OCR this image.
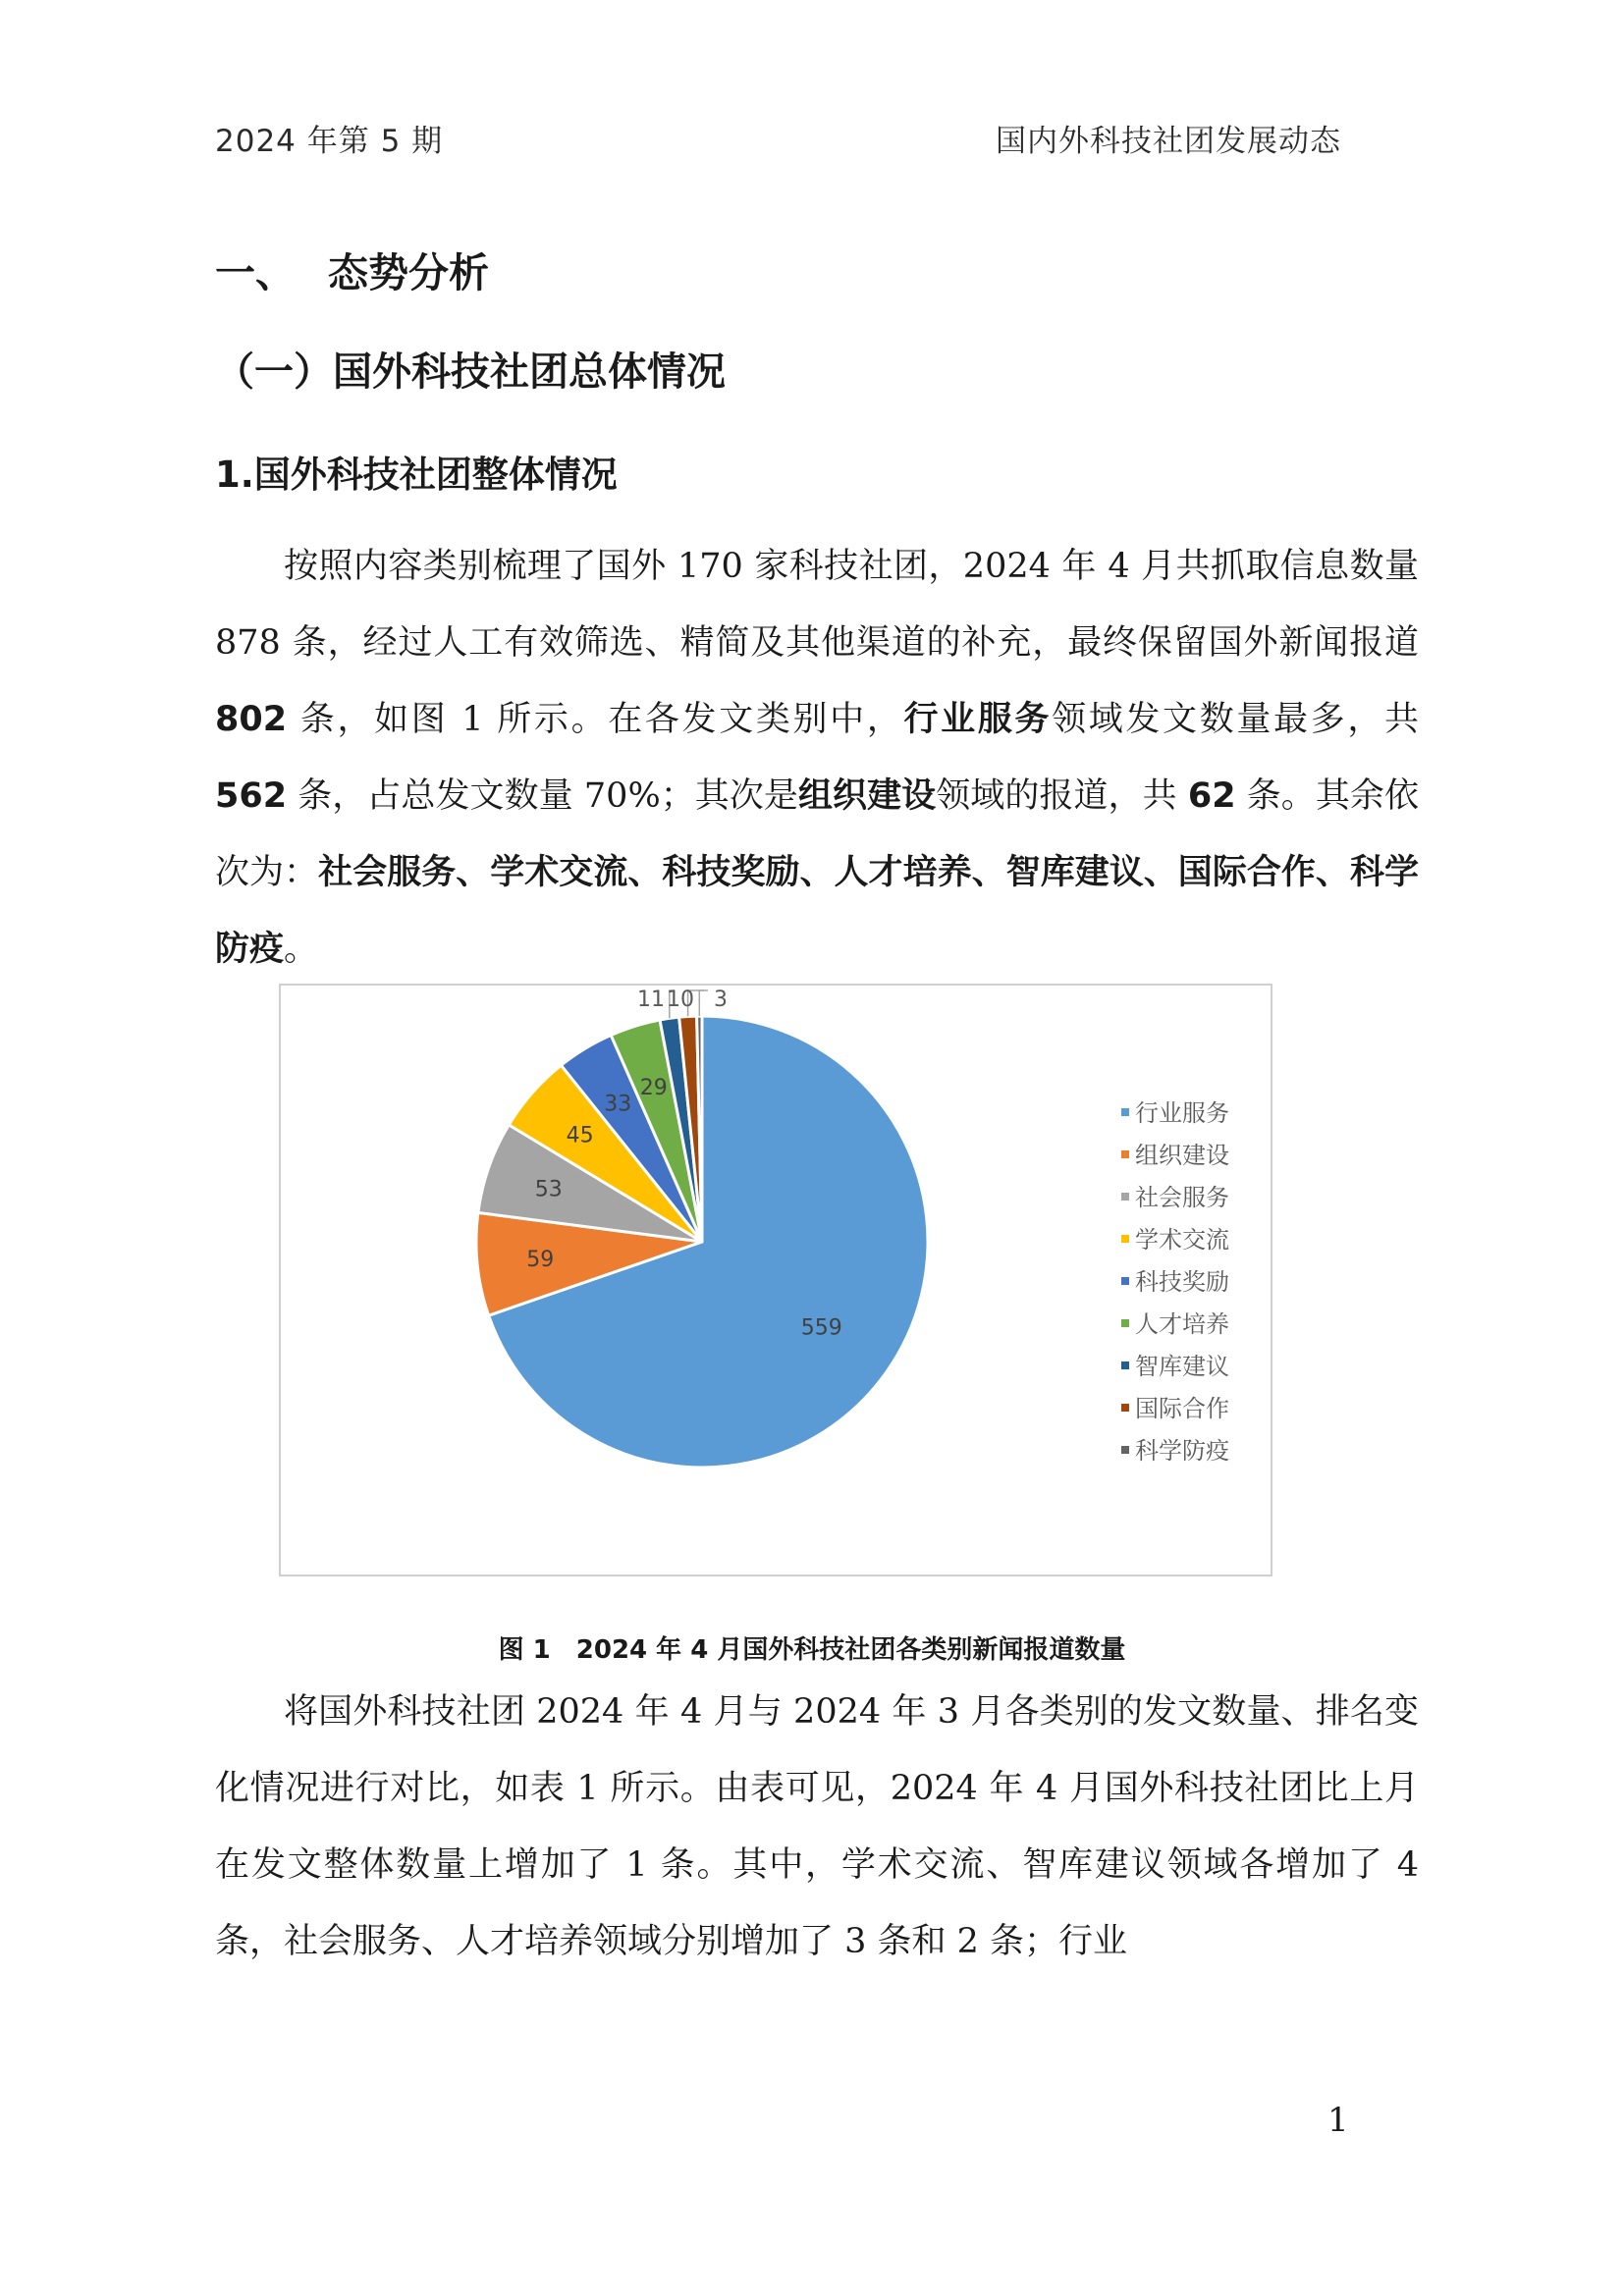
2024 年第 5 期	国内外科技社团发展动态
一、 态势分析
（一）国外科技社团总体情况
1.国外科技社团整体情况

按照内容类别梳理了国外 170 家科技社团，2024 年 4 月共抓取信息数量 878 条，经过人工有效筛选、精简及其他渠道的补充，最终保留国外新闻报道 802 条，如图 1 所示。在各发文类别中，行业服务领域发文数量最多，共 562 条，占总发文数量 70%；其次是组织建设领域的报道，共 62 条。其余依次为：社会服务、学术交流、科技奖励、人才培养、智库建议、国际合作、科学防疫。

559
59
53
45
33
29
11 10 3
行业服务
组织建设
社会服务
学术交流
科技奖励
人才培养
智库建议
国际合作
科学防疫
图 1 2024 年 4 月国外科技社团各类别新闻报道数量

将国外科技社团 2024 年 4 月与 2024 年 3 月各类别的发文数量、排名变化情况进行对比，如表 1 所示。由表可见，2024 年 4 月国外科技社团比上月在发文整体数量上增加了 1 条。其中，学术交流、智库建议领域各增加了 4 条，社会服务、人才培养领域分别增加了 3 条和 2 条；行业

1
